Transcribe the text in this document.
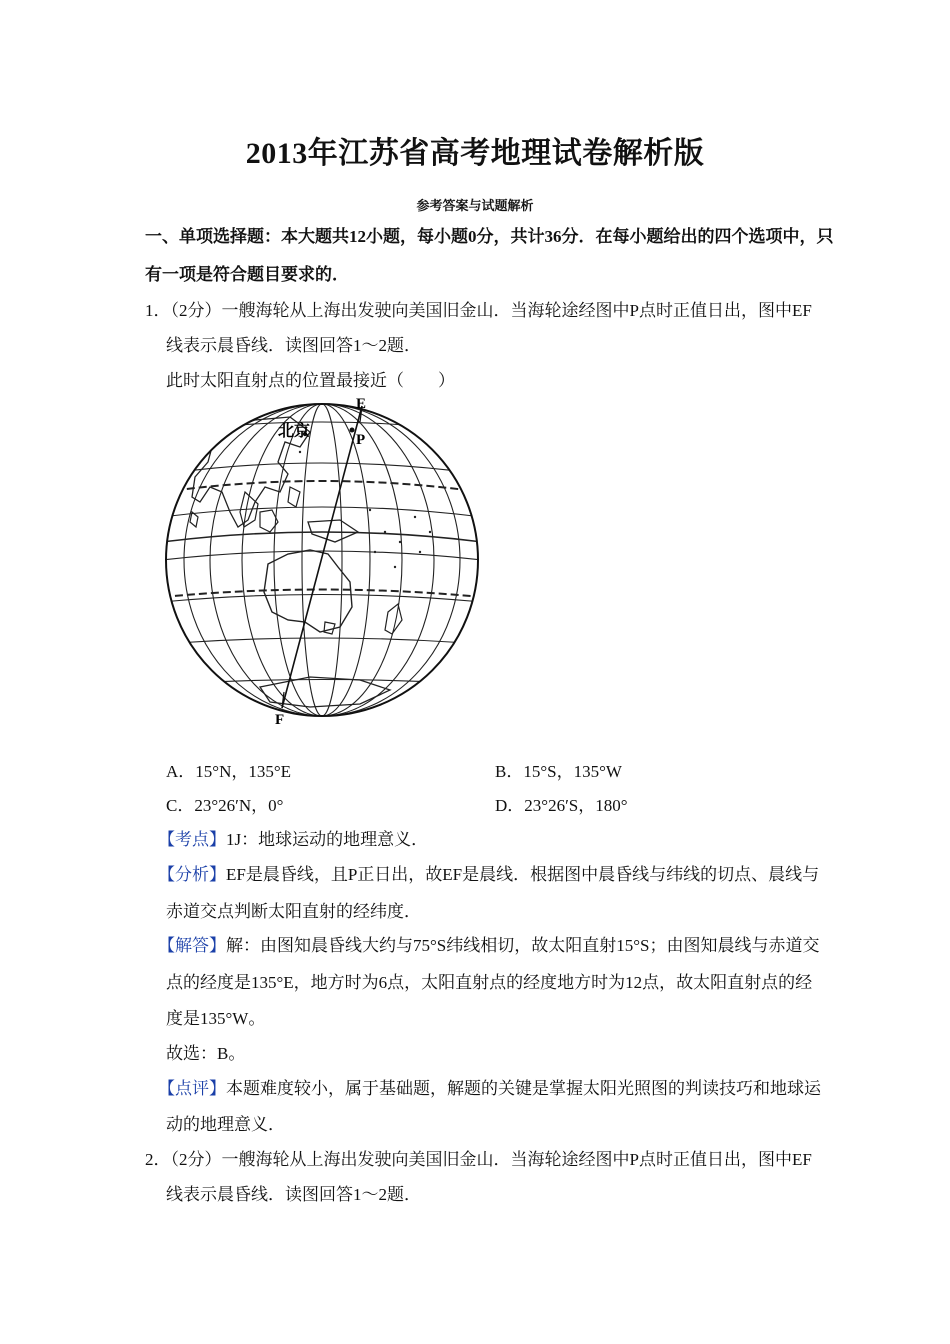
2013年江苏省高考地理试卷解析版
参考答案与试题解析
一、单项选择题：本大题共12小题，每小题0分，共计36分．在每小题给出的四个选项中，只
有一项是符合题目要求的．
1．（2分）一艘海轮从上海出发驶向美国旧金山．当海轮途经图中P点时正值日出，图中EF
线表示晨昏线．读图回答1～2题．
此时太阳直射点的位置最接近（　　）
E
P
F
北京
A．15°N，135°E	B．15°S，135°W
C．23°26′N，0°	D．23°26′S，180°
【考点】1J：地球运动的地理意义．
【分析】EF是晨昏线，且P正日出，故EF是晨线．根据图中晨昏线与纬线的切点、晨线与
赤道交点判断太阳直射的经纬度．
【解答】解：由图知晨昏线大约与75°S纬线相切，故太阳直射15°S；由图知晨线与赤道交
点的经度是135°E，地方时为6点，太阳直射点的经度地方时为12点，故太阳直射点的经
度是135°W。
故选：B。
【点评】本题难度较小，属于基础题，解题的关键是掌握太阳光照图的判读技巧和地球运
动的地理意义．
2．（2分）一艘海轮从上海出发驶向美国旧金山．当海轮途经图中P点时正值日出，图中EF
线表示晨昏线．读图回答1～2题．
